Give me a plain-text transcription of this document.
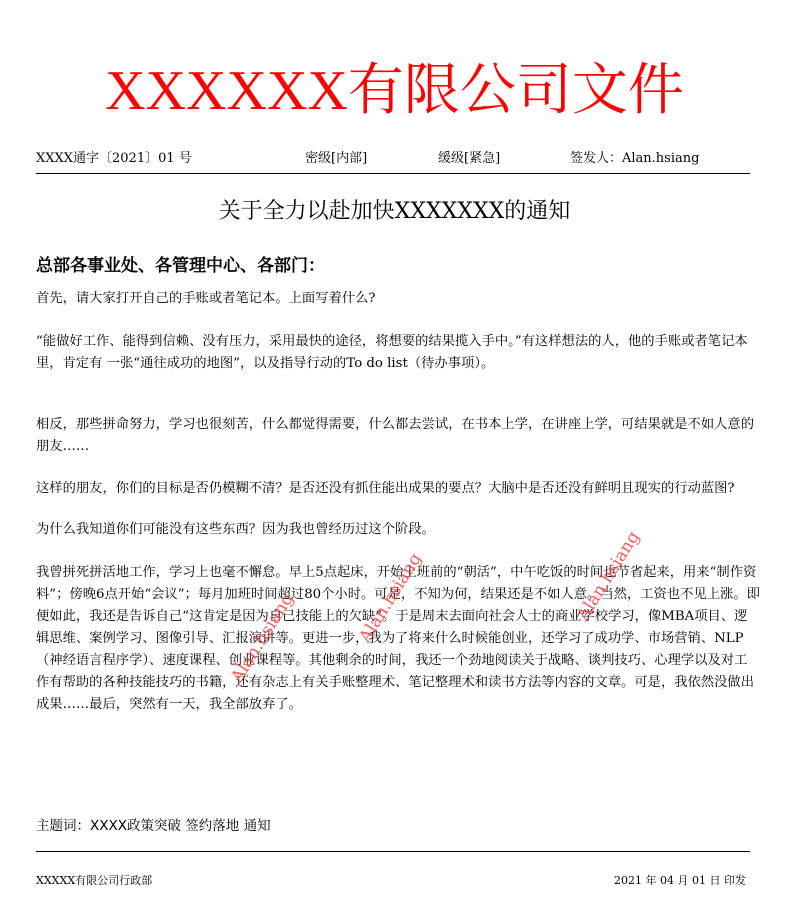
XXXXXX有限公司文件
XXXX通字〔2021〕01 号	密级[内部]	缓级[紧急]	签发人：Alan.hsiang
关于全力以赴加快XXXXXXX的通知
总部各事业处、各管理中心、各部门：

首先，请大家打开自己的手账或者笔记本。上面写着什么?

“能做好工作、能得到信赖、没有压力，采用最快的途径，将想要的结果揽入手中。”有这样想法的人，他的手账或者笔记本里，肯定有 一张“通往成功的地图”，以及指导行动的To do list（待办事项）。

相反，那些拼命努力，学习也很刻苦，什么都觉得需要，什么都去尝试，在书本上学，在讲座上学，可结果就是不如人意的朋友……

这样的朋友，你们的目标是否仍模糊不清？是否还没有抓住能出成果的要点？大脑中是否还没有鲜明且现实的行动蓝图?

为什么我知道你们可能没有这些东西？因为我也曾经历过这个阶段。

我曾拼死拼活地工作，学习上也毫不懈怠。早上5点起床，开始上班前的“朝活”，中午吃饭的时间也节省起来，用来“制作资料”；傍晚6点开始“会议”；每月加班时间超过80个小时。可是，不知为何，结果还是不如人意。当然，工资也不见上涨。即便如此，我还是告诉自己“这肯定是因为自己技能上的欠缺”。于是周末去面向社会人士的商业学校学习，像MBA项目、逻辑思维、案例学习、图像引导、汇报演讲等。更进一步，我为了将来什么时候能创业，还学习了成功学、市场营销、NLP（神经语言程序学）、速度课程、创业课程等。其他剩余的时间，我还一个劲地阅读关于战略、谈判技巧、心理学以及对工作有帮助的各种技能技巧的书籍，还有杂志上有关手账整理术、笔记整理术和读书方法等内容的文章。可是，我依然没做出成果……最后，突然有一天，我全部放弃了。

Alan.hsiang	Alan.hsiang	Alan.hsiang
主题词：XXXX政策突破 签约落地 通知
XXXXX有限公司行政部	2021 年 04 月 01 日 印发
